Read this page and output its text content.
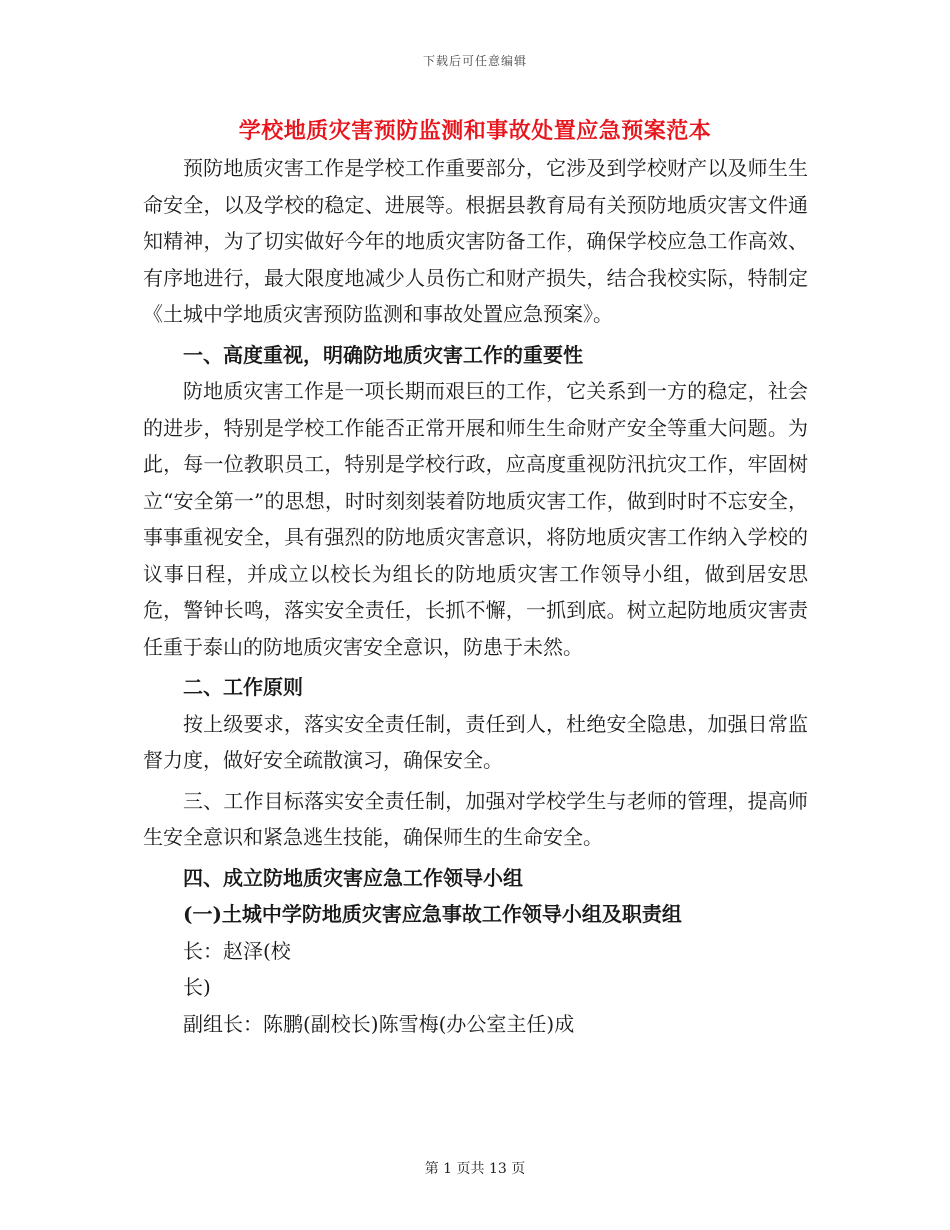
下载后可任意编辑
学校地质灾害预防监测和事故处置应急预案范本

预防地质灾害工作是学校工作重要部分，它涉及到学校财产以及师生生命安全，以及学校的稳定、进展等。根据县教育局有关预防地质灾害文件通知精神，为了切实做好今年的地质灾害防备工作，确保学校应急工作高效、有序地进行，最大限度地减少人员伤亡和财产损失，结合我校实际，特制定《土城中学地质灾害预防监测和事故处置应急预案》。

一、高度重视，明确防地质灾害工作的重要性

防地质灾害工作是一项长期而艰巨的工作，它关系到一方的稳定，社会的进步，特别是学校工作能否正常开展和师生生命财产安全等重大问题。为此，每一位教职员工，特别是学校行政，应高度重视防汛抗灾工作，牢固树立“安全第一”的思想，时时刻刻装着防地质灾害工作，做到时时不忘安全，事事重视安全，具有强烈的防地质灾害意识，将防地质灾害工作纳入学校的议事日程，并成立以校长为组长的防地质灾害工作领导小组，做到居安思危，警钟长鸣，落实安全责任，长抓不懈，一抓到底。树立起防地质灾害责任重于泰山的防地质灾害安全意识，防患于未然。

二、工作原则

按上级要求，落实安全责任制，责任到人，杜绝安全隐患，加强日常监督力度，做好安全疏散演习，确保安全。

三、工作目标落实安全责任制，加强对学校学生与老师的管理，提高师生安全意识和紧急逃生技能，确保师生的生命安全。

四、成立防地质灾害应急工作领导小组

(一)土城中学防地质灾害应急事故工作领导小组及职责组

长：赵泽(校

长)

副组长：陈鹏(副校长)陈雪梅(办公室主任)成

第 1 页共 13 页
